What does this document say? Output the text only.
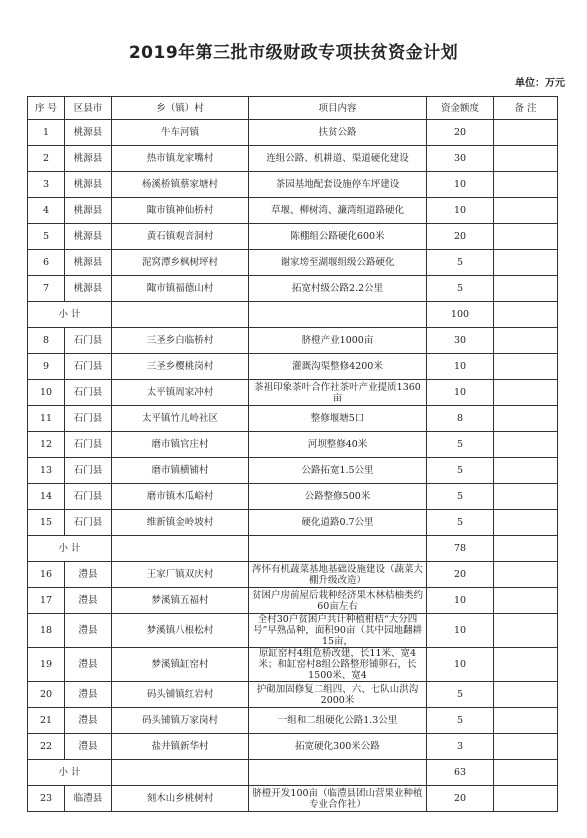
2019年第三批市级财政专项扶贫资金计划
单位：万元
序 号	区县市	乡（镇）村	项目内容	资金额度	备 注
1	桃源县	牛车河镇	扶贫公路	20	
2	桃源县	热市镇龙家嘴村	连组公路、机耕道、渠道硬化建设	30	
3	桃源县	杨溪桥镇蔡家塘村	茶园基地配套设施停车坪建设	10	
4	桃源县	陬市镇神仙桥村	草堰、柳树湾、濂湾组道路硬化	10	
5	桃源县	黄石镇观音洞村	陈棚组公路硬化600米	20	
6	桃源县	泥窝潭乡枫树坪村	谢家塝至湖堰组级公路硬化	5	
7	桃源县	陬市镇福德山村	拓宽村级公路2.2公里	5	
小 计				100	
8	石门县	三圣乡白临桥村	脐橙产业1000亩	30	
9	石门县	三圣乡樱桃岗村	灌溉沟渠整修4200米	10	
10	石门县	太平镇周家冲村	茶祖印象茶叶合作社茶叶产业提质1360亩	10	
11	石门县	太平镇竹儿岭社区	整修堰塘5口	8	
12	石门县	磨市镇官庄村	河坝整修40米	5	
13	石门县	磨市镇横铺村	公路拓宽1.5公里	5	
14	石门县	磨市镇木瓜峪村	公路整修500米	5	
15	石门县	维新镇金岭坡村	硬化道路0.7公里	5	
小 计				78	
16	澧县	王家厂镇双庆村	涔怀有机蔬菜基地基础设施建设（蔬菜大棚升级改造）	20	
17	澧县	梦溪镇五福村	贫困户房前屋后栽种经济果木林桔柚类约60亩左右	10	
18	澧县	梦溪镇八根松村	全村30户贫困户共计种植柑桔“大分四号”早熟品种，面积90亩（其中园地翻耕15亩，	10	
19	澧县	梦溪镇缸窑村	原缸窑村4组危桥改建，长11米、宽4米；和缸窑村8组公路整形铺卵石，长1500米、宽4	10	
20	澧县	码头铺镇红岩村	护砌加固修复二组四、六、七队山洪沟2000米	5	
21	澧县	码头铺镇万家岗村	一组和二组硬化公路1.3公里	5	
22	澧县	盐井镇新华村	拓宽硬化300米公路	3	
小 计				63	
23	临澧县	刻木山乡桃树村	脐橙开发100亩（临澧县团山营果业种植专业合作社）	20	
